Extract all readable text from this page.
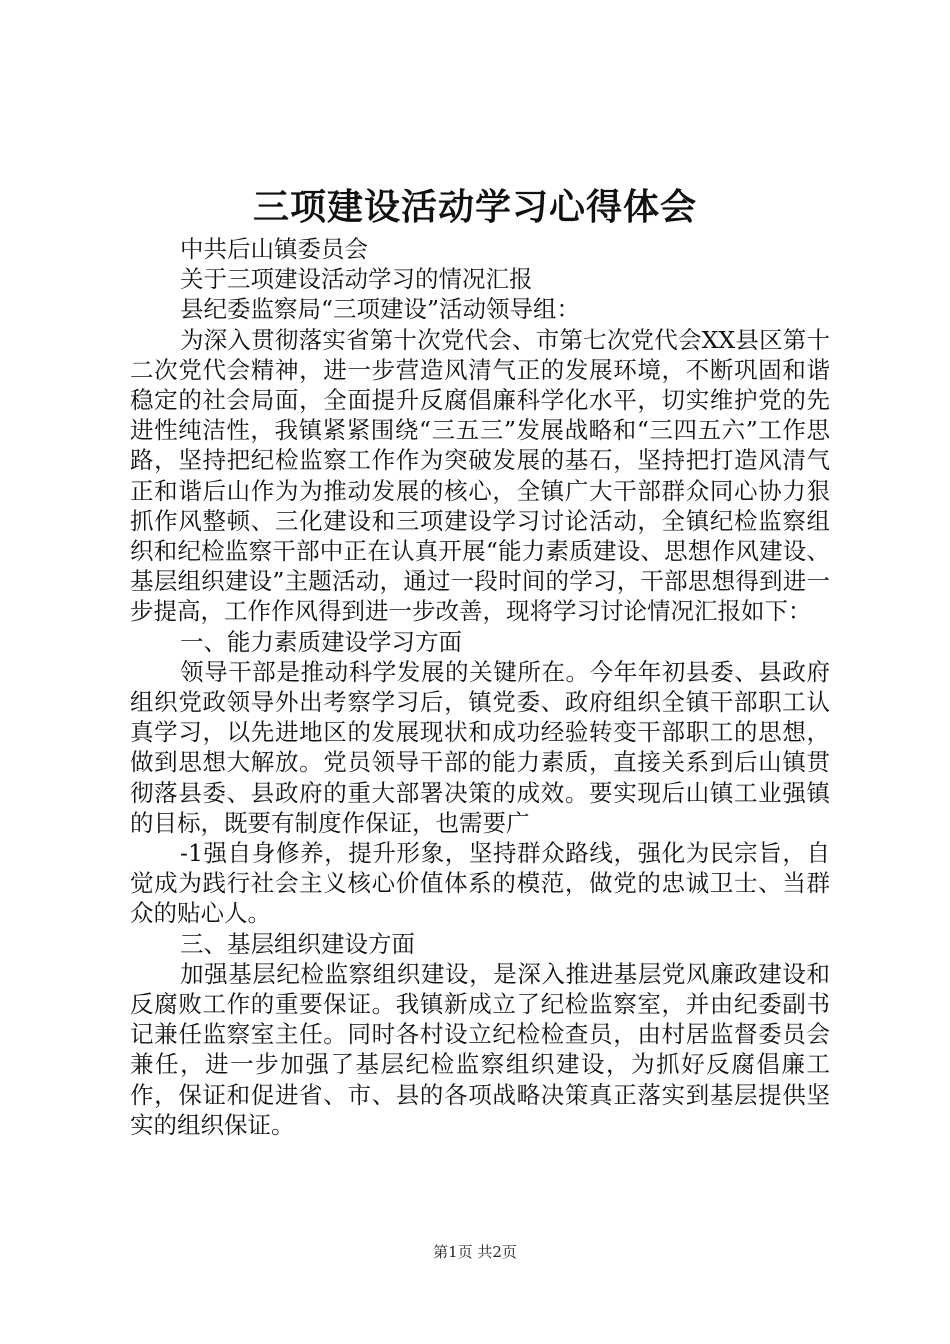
三项建设活动学习心得体会

中共后山镇委员会

关于三项建设活动学习的情况汇报

县纪委监察局“三项建设”活动领导组：

为深入贯彻落实省第十次党代会、市第七次党代会XX县区第十二次党代会精神，进一步营造风清气正的发展环境，不断巩固和谐稳定的社会局面，全面提升反腐倡廉科学化水平，切实维护党的先进性纯洁性，我镇紧紧围绕“三五三”发展战略和“三四五六”工作思路，坚持把纪检监察工作作为突破发展的基石，坚持把打造风清气正和谐后山作为为推动发展的核心，全镇广大干部群众同心协力狠抓作风整顿、三化建设和三项建设学习讨论活动，全镇纪检监察组织和纪检监察干部中正在认真开展“能力素质建设、思想作风建设、基层组织建设”主题活动，通过一段时间的学习，干部思想得到进一步提高，工作作风得到进一步改善，现将学习讨论情况汇报如下：

一、能力素质建设学习方面

领导干部是推动科学发展的关键所在。今年年初县委、县政府组织党政领导外出考察学习后，镇党委、政府组织全镇干部职工认真学习，以先进地区的发展现状和成功经验转变干部职工的思想，做到思想大解放。党员领导干部的能力素质，直接关系到后山镇贯彻落县委、县政府的重大部署决策的成效。要实现后山镇工业强镇的目标，既要有制度作保证，也需要广

-1强自身修养，提升形象，坚持群众路线，强化为民宗旨，自觉成为践行社会主义核心价值体系的模范，做党的忠诚卫士、当群众的贴心人。

三、基层组织建设方面

加强基层纪检监察组织建设，是深入推进基层党风廉政建设和反腐败工作的重要保证。我镇新成立了纪检监察室，并由纪委副书记兼任监察室主任。同时各村设立纪检检查员，由村居监督委员会兼任，进一步加强了基层纪检监察组织建设，为抓好反腐倡廉工作，保证和促进省、市、县的各项战略决策真正落实到基层提供坚实的组织保证。

第1页 共2页
